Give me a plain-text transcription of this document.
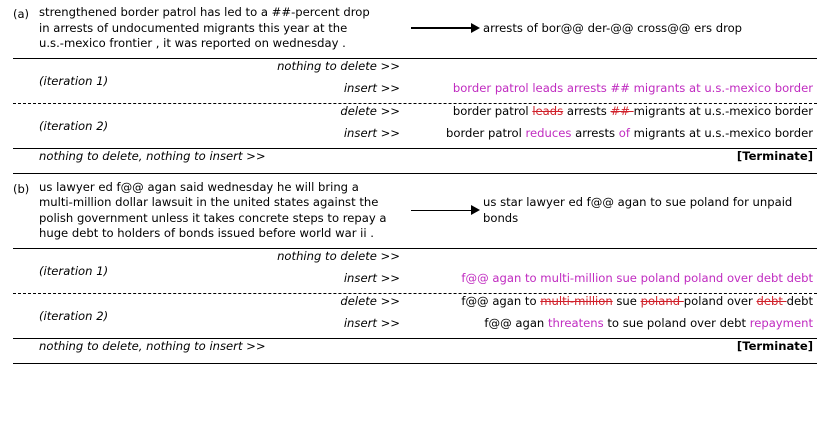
(a) strengthened border patrol has led to a ##-percent drop
in arrests of undocumented migrants this year at the
u.s.-mexico frontier , it was reported on wednesday .
arrests of bor@@ der-@@ cross@@ ers drop
(iteration 1)
nothing to delete >>
insert >>	border patrol leads arrests ## migrants at u.s.-mexico border
(iteration 2)
delete >>	border patrol leads arrests ## migrants at u.s.-mexico border
insert >>	border patrol reduces arrests of migrants at u.s.-mexico border
nothing to delete, nothing to insert >>	[Terminate]
(b) us lawyer ed f@@ agan said wednesday he will bring a
multi-million dollar lawsuit in the united states against the
polish government unless it takes concrete steps to repay a
huge debt to holders of bonds issued before world war ii .
us star lawyer ed f@@ agan to sue poland for unpaid bonds
(iteration 1)
nothing to delete >>
insert >>	f@@ agan to multi-million sue poland poland over debt debt
(iteration 2)
delete >>	f@@ agan to multi-million sue poland poland over debt debt
insert >>	f@@ agan threatens to sue poland over debt repayment
nothing to delete, nothing to insert >>	[Terminate]
